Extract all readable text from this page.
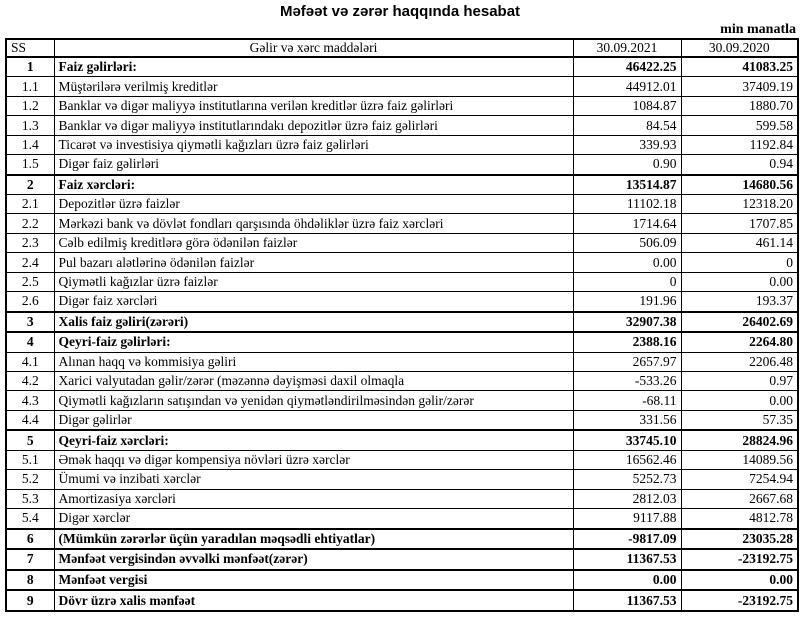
Məfəət və zərər haqqında hesabat
min manatla
SS	Gəlir və xərc maddələri	30.09.2021	30.09.2020
1	Faiz gəlirləri:	46422.25	41083.25
1.1	Müştərilərə verilmiş kreditlər	44912.01	37409.19
1.2	Banklar və digər maliyyə institutlarına verilən kreditlər üzrə faiz gəlirləri	1084.87	1880.70
1.3	Banklar və digər maliyyə institutlarındakı depozitlər üzrə faiz gəlirləri	84.54	599.58
1.4	Ticarət və investisiya qiymətli kağızları üzrə faiz gəlirləri	339.93	1192.84
1.5	Digər faiz gəlirləri	0.90	0.94
2	Faiz xərcləri:	13514.87	14680.56
2.1	Depozitlər üzrə faizlər	11102.18	12318.20
2.2	Mərkəzi bank və dövlət fondları qarşısında öhdəliklər üzrə faiz xərcləri	1714.64	1707.85
2.3	Cəlb edilmiş kreditlərə görə ödənilən faizlər	506.09	461.14
2.4	Pul bazarı alətlərinə ödənilən faizlər	0.00	0
2.5	Qiymətli kağızlar üzrə faizlər	0	0.00
2.6	Digər faiz xərcləri	191.96	193.37
3	Xalis faiz gəliri(zərəri)	32907.38	26402.69
4	Qeyri-faiz gəlirləri:	2388.16	2264.80
4.1	Alınan haqq və kommisiya gəliri	2657.97	2206.48
4.2	Xarici valyutadan gəlir/zərər (məzənnə dəyişməsi daxil olmaqla	-533.26	0.97
4.3	Qiymətli kağızların satışından və yenidən qiymətləndirilməsindən gəlir/zərər	-68.11	0.00
4.4	Digər gəlirlər	331.56	57.35
5	Qeyri-faiz xərcləri:	33745.10	28824.96
5.1	Əmək haqqı və digər kompensiya növləri üzrə xərclər	16562.46	14089.56
5.2	Ümumi və inzibati xərclər	5252.73	7254.94
5.3	Amortizasiya xərcləri	2812.03	2667.68
5.4	Digər xərclər	9117.88	4812.78
6	(Mümkün zərərlər üçün yaradılan məqsədli ehtiyatlar)	-9817.09	23035.28
7	Mənfəət vergisindən əvvəlki mənfəət(zərər)	11367.53	-23192.75
8	Mənfəət vergisi	0.00	0.00
9	Dövr üzrə xalis mənfəət	11367.53	-23192.75
